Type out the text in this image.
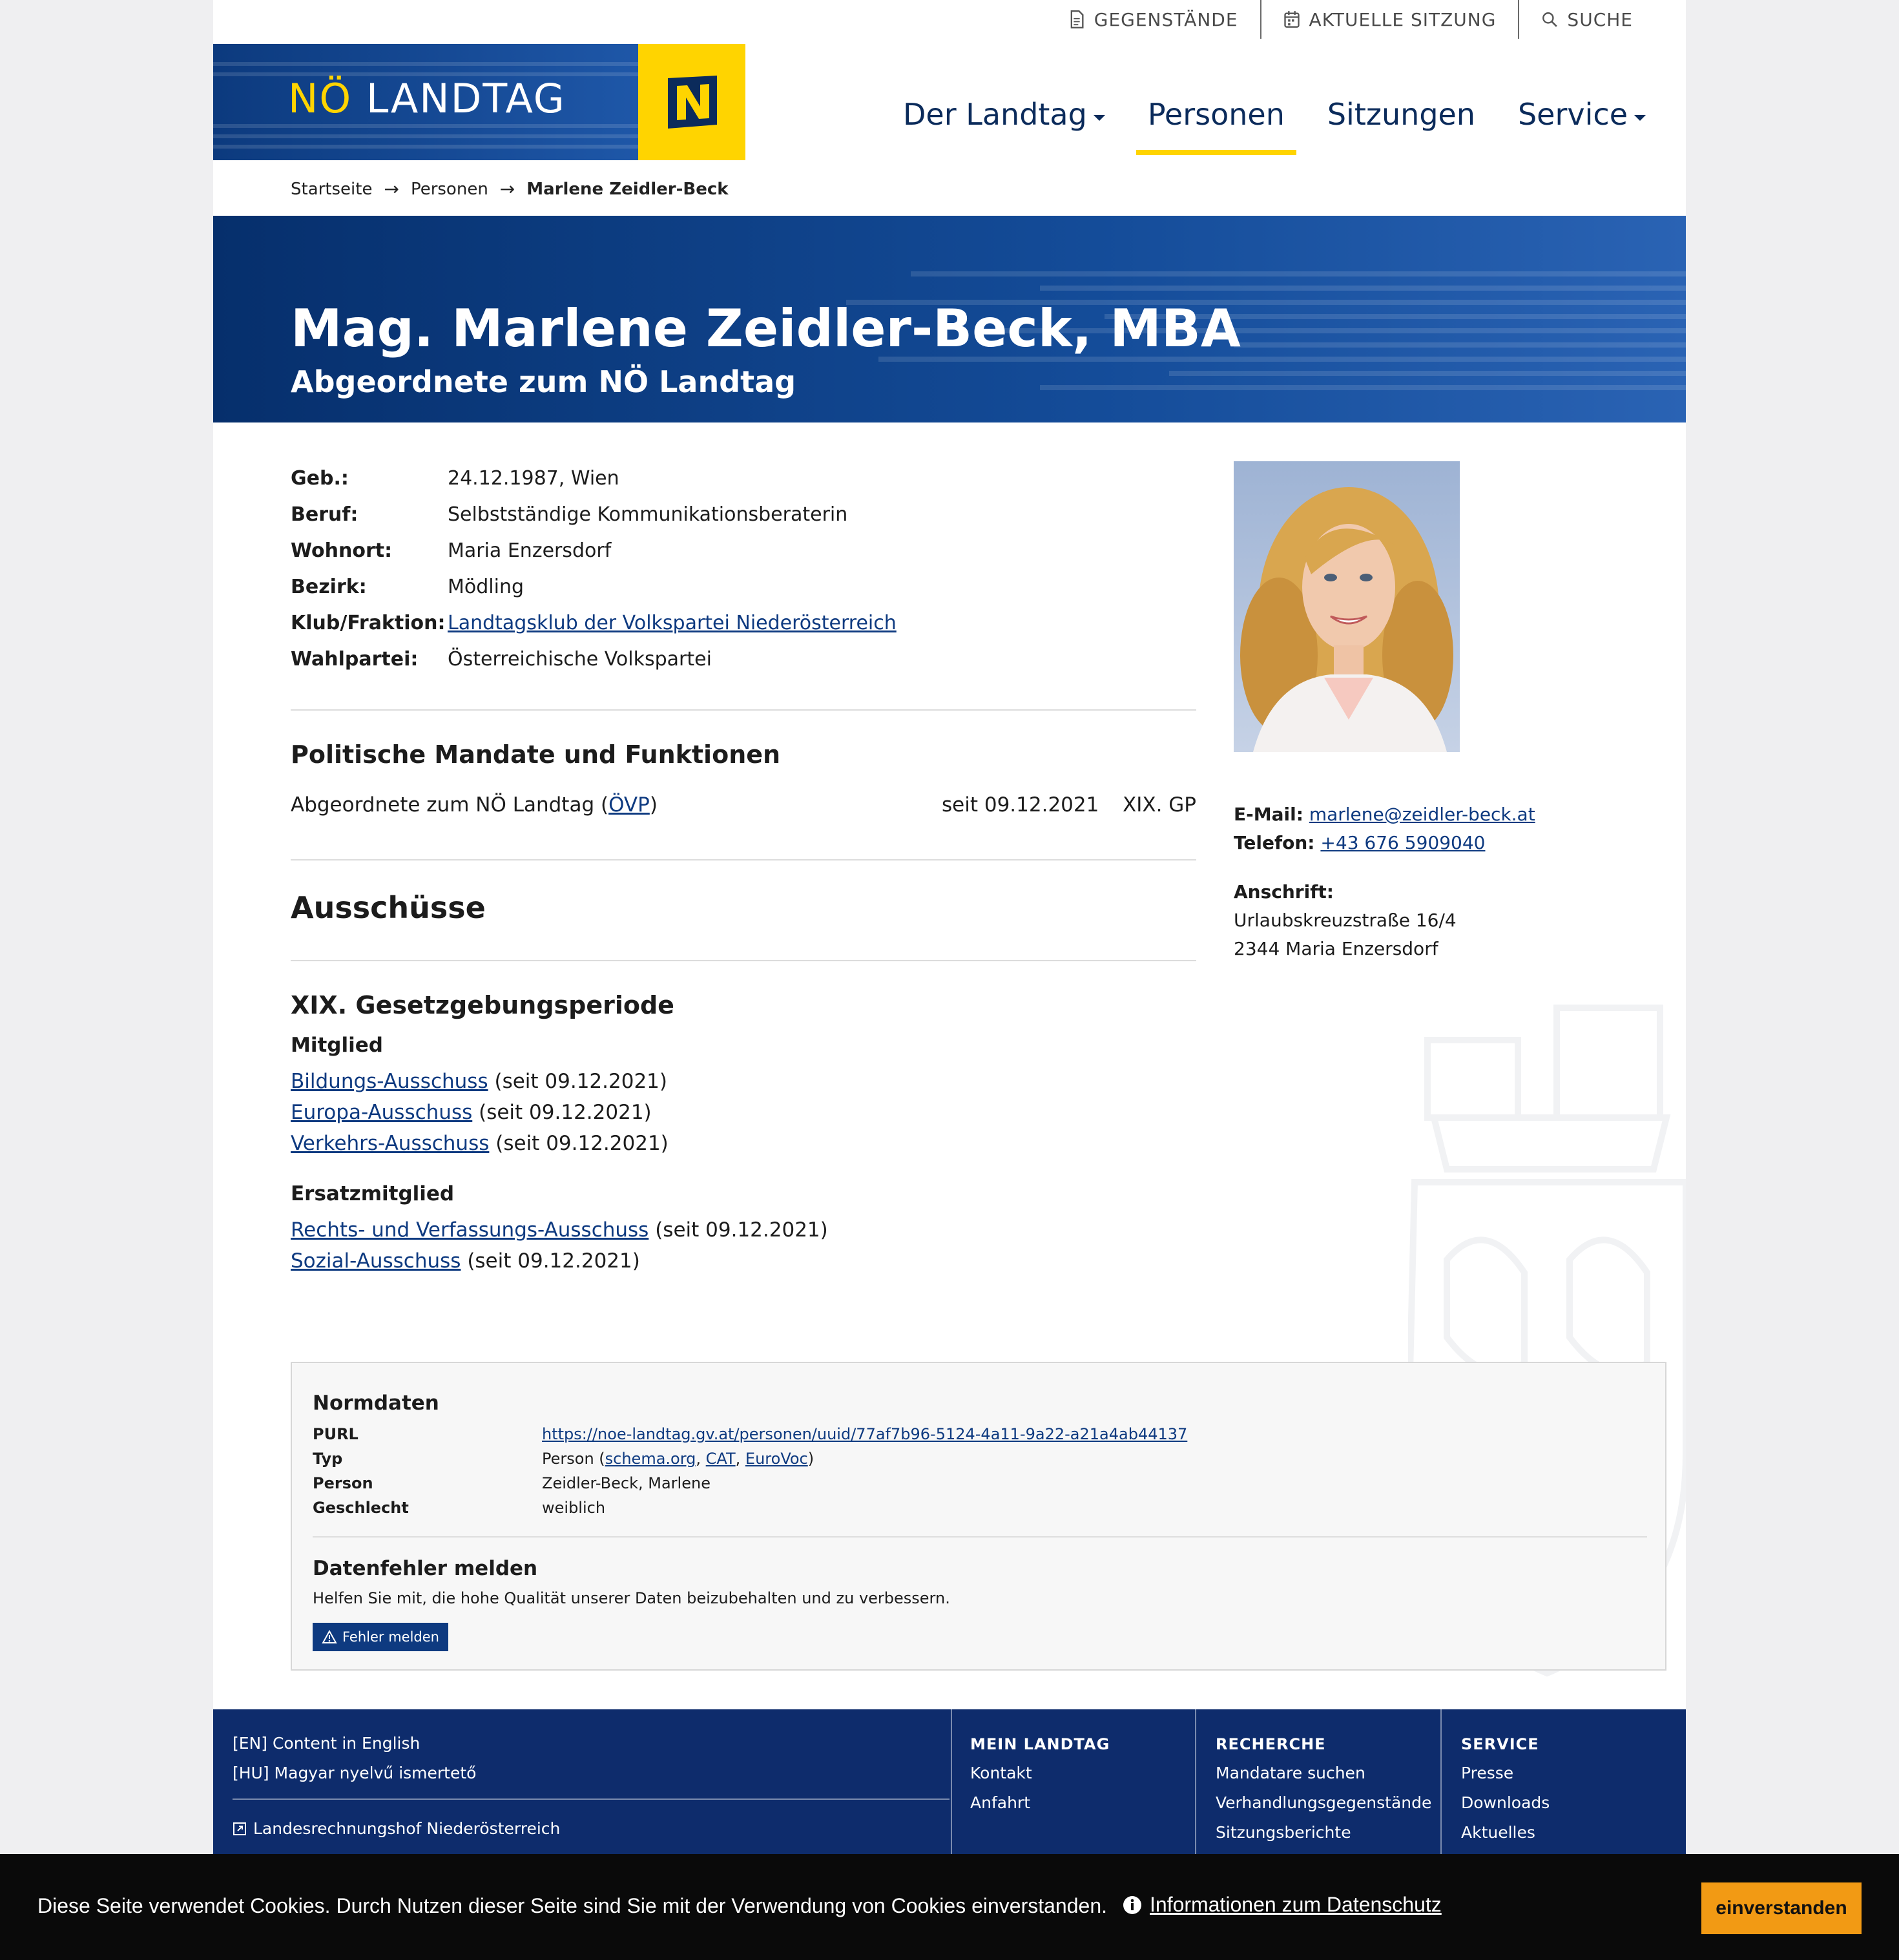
GEGENSTÄNDE	AKTUELLE SITZUNG	SUCHE
NÖ LANDTAG	Der Landtag Personen Sitzungen Service
Startseite → Personen → Marlene Zeidler-Beck
Mag. Marlene Zeidler-Beck, MBA
Abgeordnete zum NÖ Landtag
Geb.:	24.12.1987, Wien
Beruf:	Selbstständige Kommunikationsberaterin
Wohnort:	Maria Enzersdorf
Bezirk:	Mödling
Klub/Fraktion: Landtagsklub der Volkspartei Niederösterreich
Wahlpartei:	Österreichische Volkspartei
Politische Mandate und Funktionen
Abgeordnete zum NÖ Landtag (ÖVP)	seit 09.12.2021 XIX. GP
Ausschüsse
XIX. Gesetzgebungsperiode
Mitglied
Bildungs-Ausschuss (seit 09.12.2021)
Europa-Ausschuss (seit 09.12.2021)
Verkehrs-Ausschuss (seit 09.12.2021)
Ersatzmitglied
Rechts- und Verfassungs-Ausschuss (seit 09.12.2021)
Sozial-Ausschuss (seit 09.12.2021)
E-Mail: marlene@zeidler-beck.at
Telefon: +43 676 5909040
Anschrift:
Urlaubskreuzstraße 16/4
2344 Maria Enzersdorf
Normdaten
PURL	https://noe-landtag.gv.at/personen/uuid/77af7b96-5124-4a11-9a22-a21a4ab44137
Typ	Person (schema.org, CAT, EuroVoc)
Person	Zeidler-Beck, Marlene
Geschlecht	weiblich
Datenfehler melden
Helfen Sie mit, die hohe Qualität unserer Daten beizubehalten und zu verbessern.
Fehler melden
[EN] Content in English
[HU] Magyar nyelvű ismertető
Landesrechnungshof Niederösterreich
MEIN LANDTAG
Kontakt
Anfahrt
RECHERCHE
Mandatare suchen
Verhandlungsgegenstände
Sitzungsberichte
SERVICE
Presse
Downloads
Aktuelles
Diese Seite verwendet Cookies. Durch Nutzen dieser Seite sind Sie mit der Verwendung von Cookies einverstanden. Informationen zum Datenschutz	einverstanden
